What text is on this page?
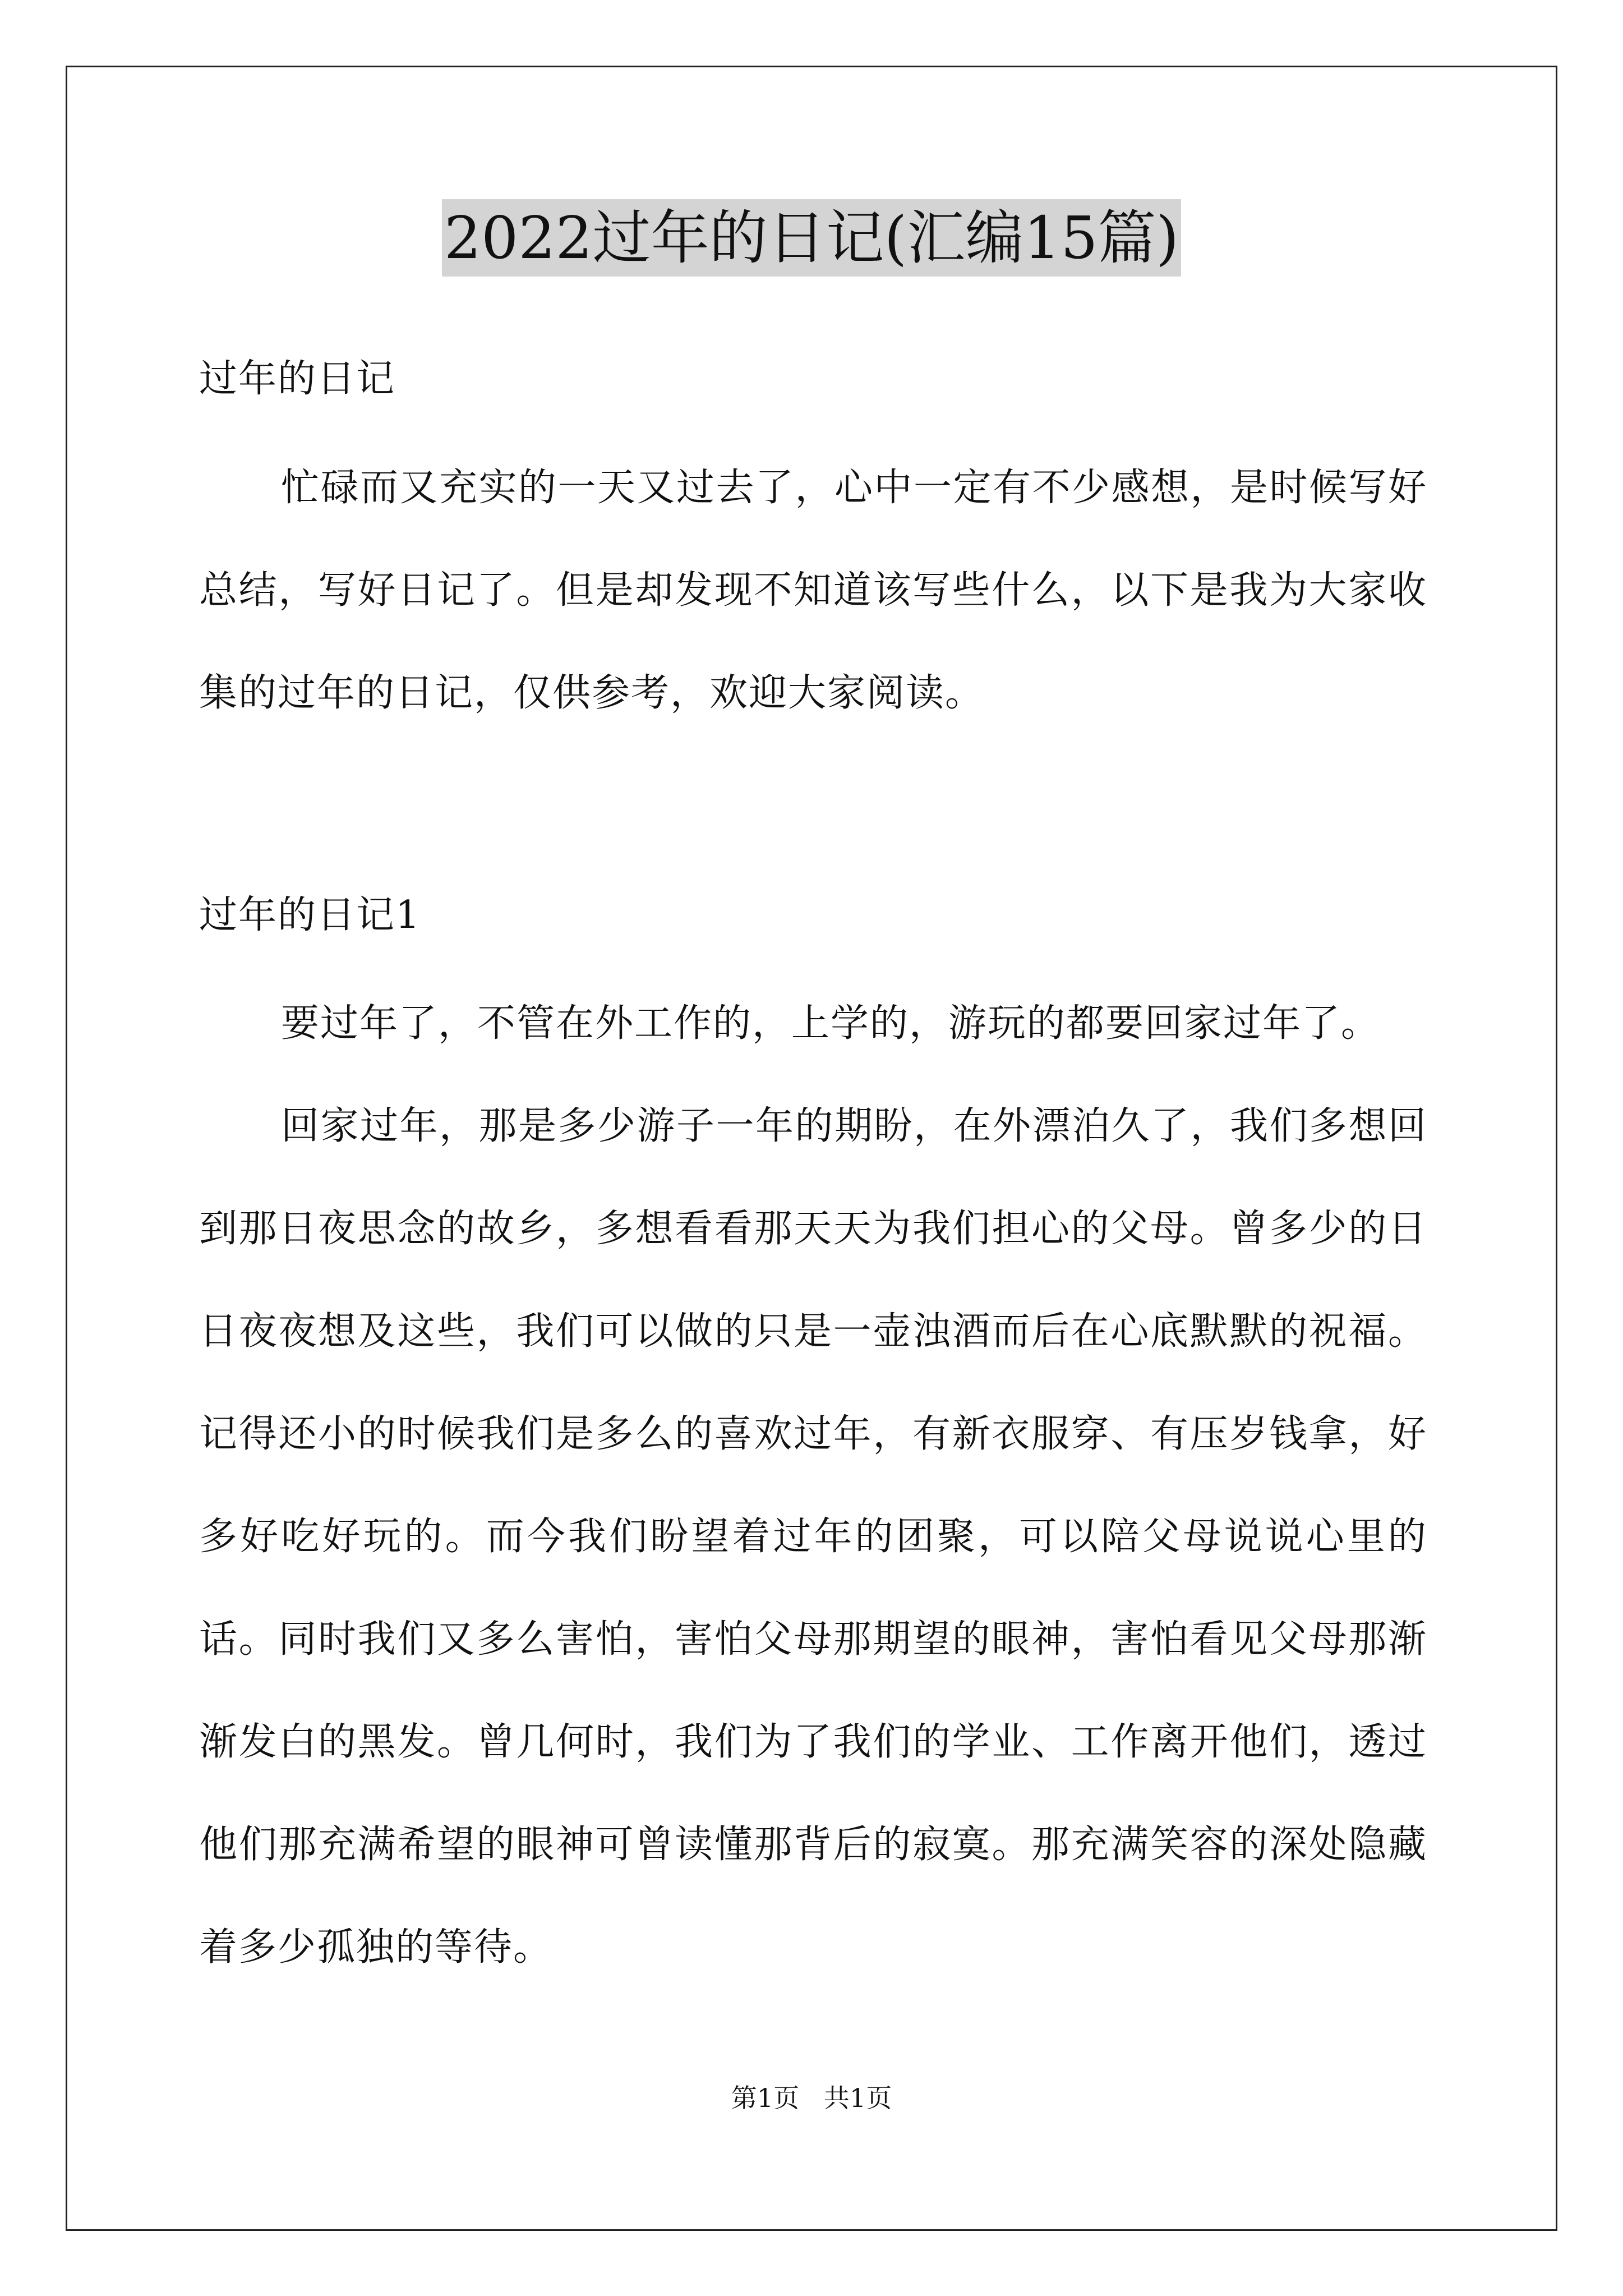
2022过年的日记(汇编15篇)
过年的日记

忙碌而又充实的一天又过去了，心中一定有不少感想，是时候写好总结，写好日记了。但是却发现不知道该写些什么，以下是我为大家收集的过年的日记，仅供参考，欢迎大家阅读。

过年的日记1

要过年了，不管在外工作的，上学的，游玩的都要回家过年了。

回家过年，那是多少游子一年的期盼，在外漂泊久了，我们多想回到那日夜思念的故乡，多想看看那天天为我们担心的父母。曾多少的日日夜夜想及这些，我们可以做的只是一壶浊酒而后在心底默默的祝福。记得还小的时候我们是多么的喜欢过年，有新衣服穿、有压岁钱拿，好多好吃好玩的。而今我们盼望着过年的团聚，可以陪父母说说心里的话。同时我们又多么害怕，害怕父母那期望的眼神，害怕看见父母那渐渐发白的黑发。曾几何时，我们为了我们的学业、工作离开他们，透过他们那充满希望的眼神可曾读懂那背后的寂寞。那充满笑容的深处隐藏着多少孤独的等待。

第1页   共1页
